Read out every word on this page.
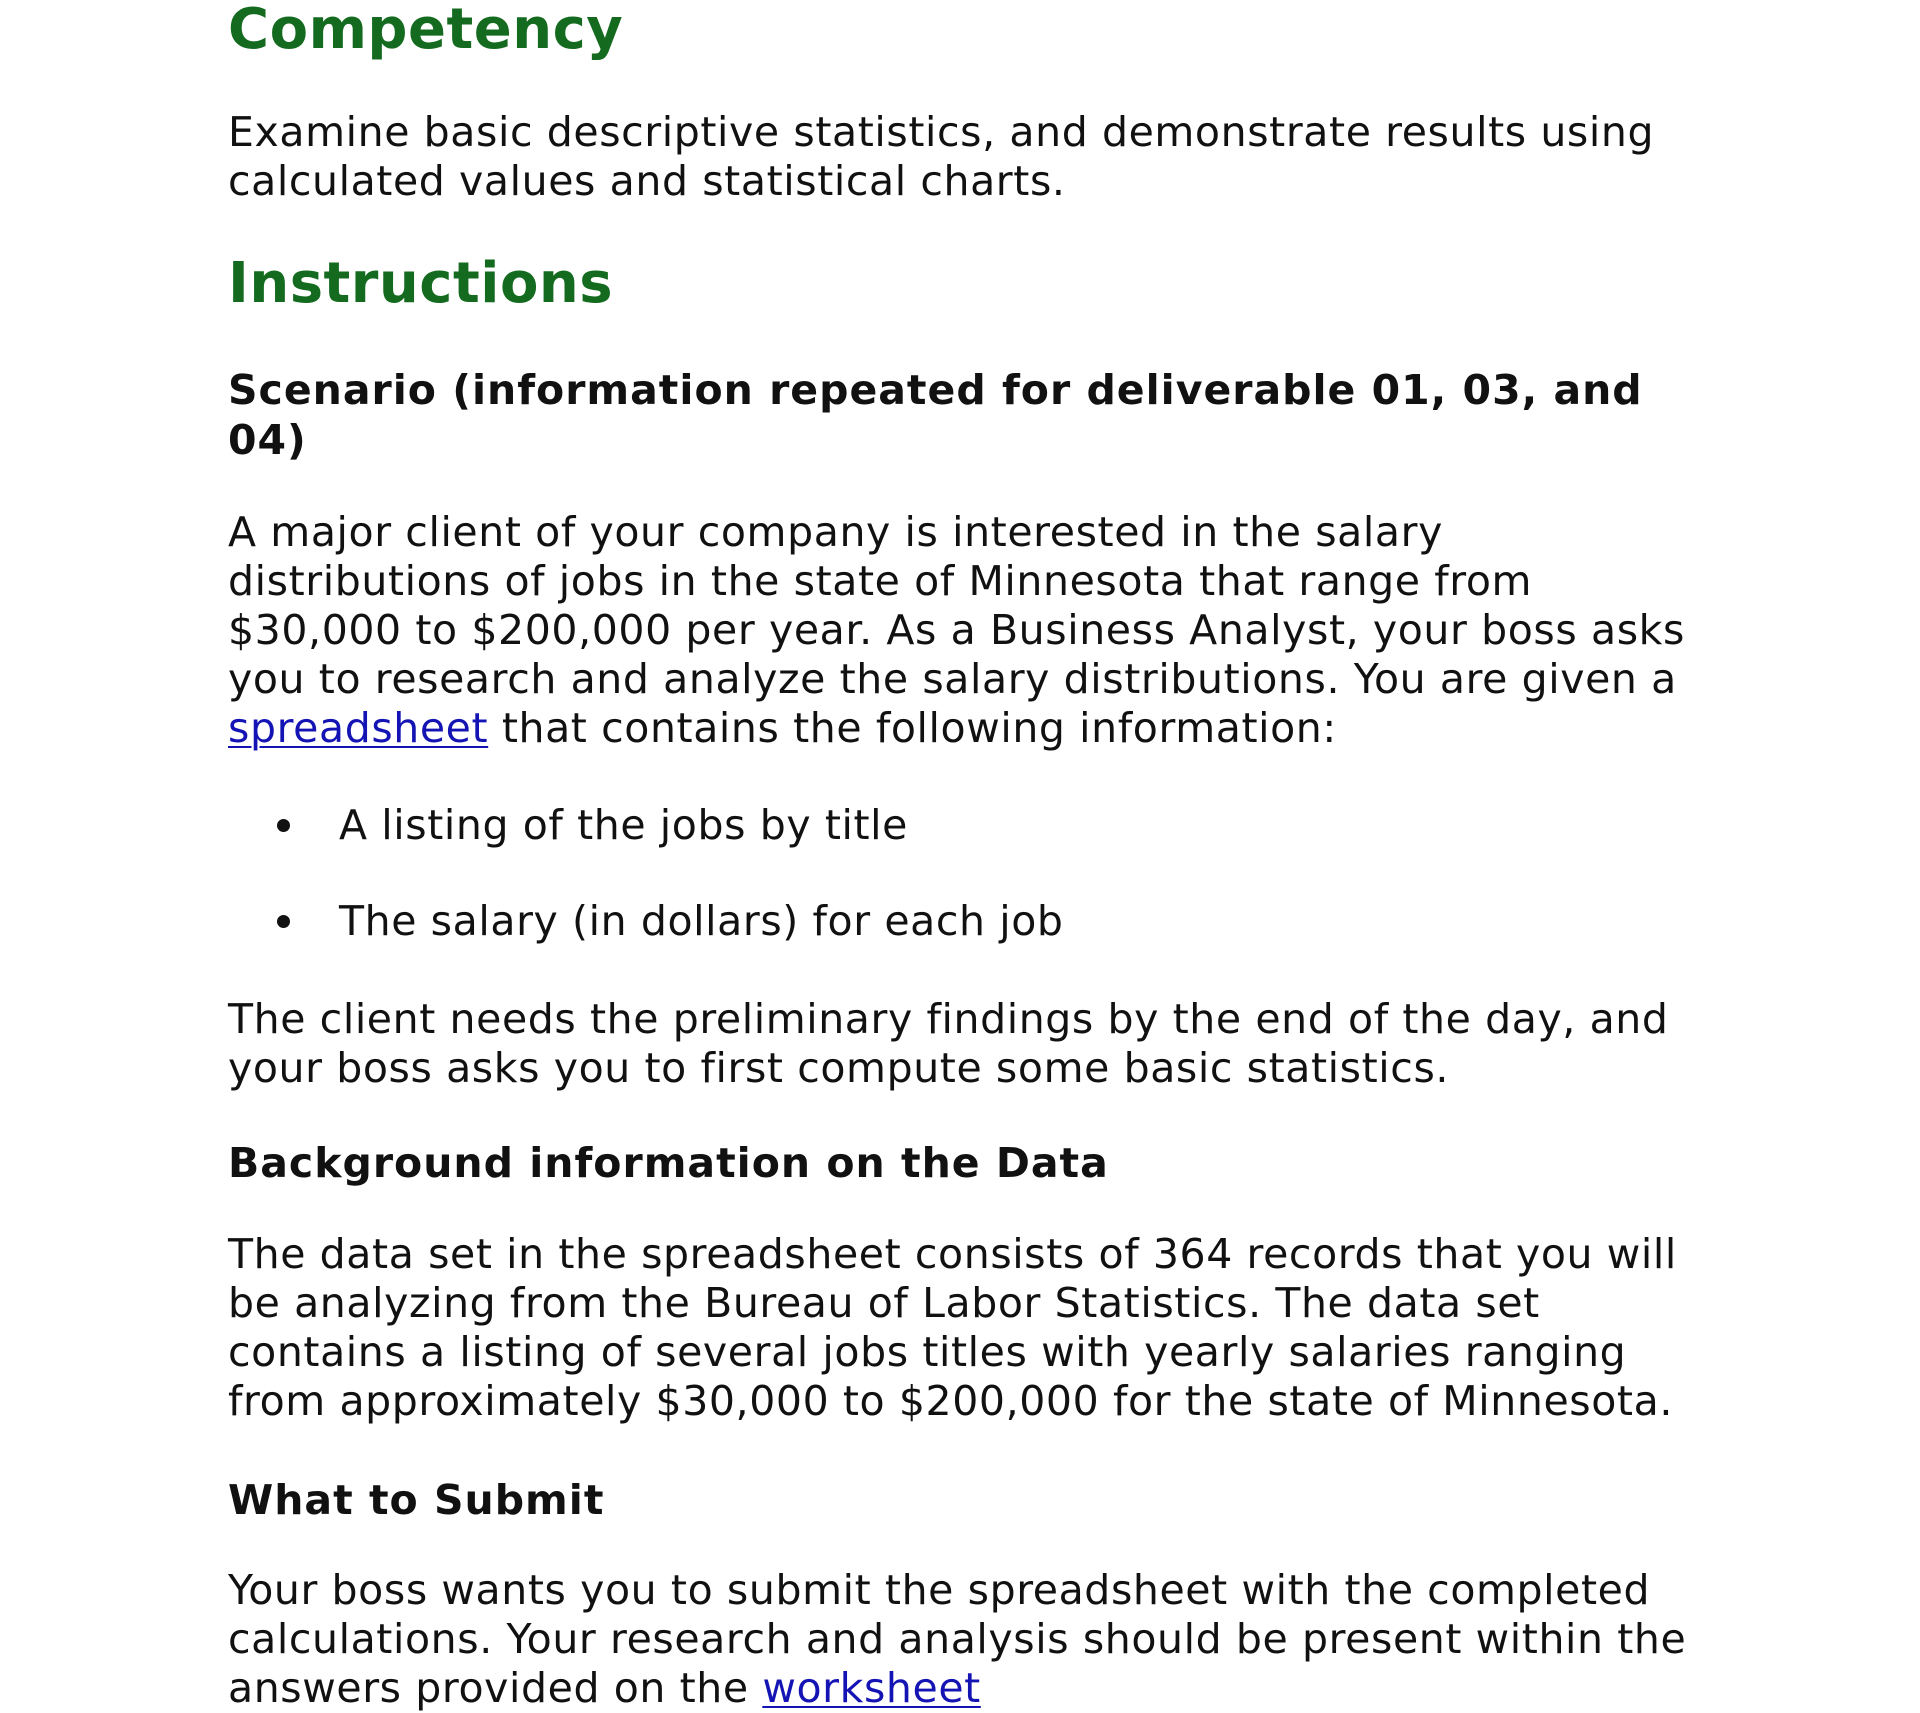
Competency

Examine basic descriptive statistics, and demonstrate results using calculated values and statistical charts.

Instructions
Scenario (information repeated for deliverable 01, 03, and 04)

A major client of your company is interested in the salary distributions of jobs in the state of Minnesota that range from $30,000 to $200,000 per year. As a Business Analyst, your boss asks you to research and analyze the salary distributions. You are given a spreadsheet that contains the following information:

A listing of the jobs by title
The salary (in dollars) for each job

The client needs the preliminary findings by the end of the day, and your boss asks you to first compute some basic statistics.

Background information on the Data

The data set in the spreadsheet consists of 364 records that you will be analyzing from the Bureau of Labor Statistics. The data set contains a listing of several jobs titles with yearly salaries ranging from approximately $30,000 to $200,000 for the state of Minnesota.

What to Submit

Your boss wants you to submit the spreadsheet with the completed calculations. Your research and analysis should be present within the answers provided on the worksheet
